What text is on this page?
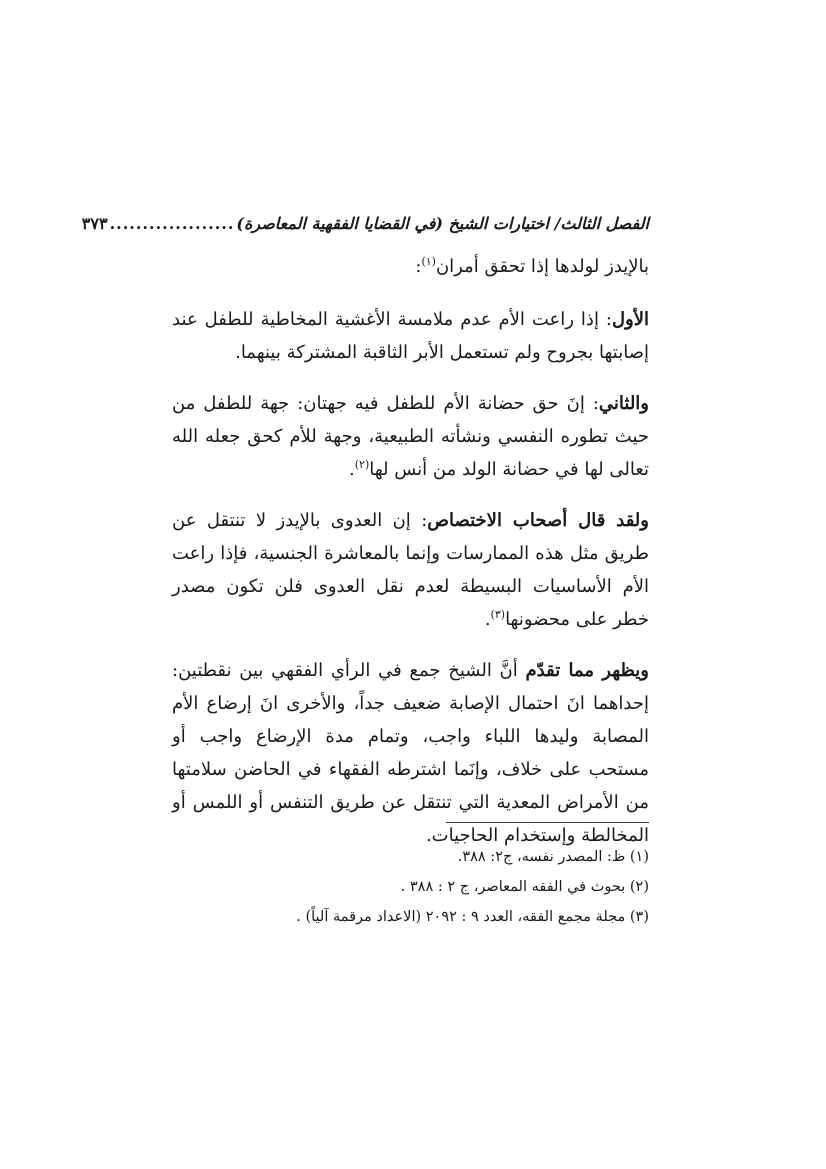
الفصل الثالث/ اختيارات الشيخ (في القضايا الفقهية المعاصرة)
...................
٣٧٣

بالإيدز لولدها إذا تحقق أمران$^{(١)}$:

الأول: إذا راعت الأم عدم ملامسة الأغشية المخاطية للطفل عند إصابتها بجروح ولم تستعمل الأبر الثاقبة المشتركة بينهما.

والثاني: إنَ حق حضانة الأم للطفل فيه جهتان: جهة للطفل من حيث تطوره النفسي ونشأته الطبيعية، وجهة للأم كحق جعله الله تعالى لها في حضانة الولد من أنس لها$^{(٢)}$.

ولقد قال أصحاب الاختصاص: إن العدوى بالإيدز لا تنتقل عن طريق مثل هذه الممارسات وإنما بالمعاشرة الجنسية، فإذا راعت الأم الأساسيات البسيطة لعدم نقل العدوى فلن تكون مصدر خطر على محضونها$^{(٣)}$.

ويظهر مما تقدّم أنَّ الشيخ جمع في الرأي الفقهي بين نقطتين: إحداهما انَ احتمال الإصابة ضعيف جداً، والأخرى انَ إرضاع الأم المصابة وليدها اللباء واجب، وتمام مدة الإرضاع واجب أو مستحب على خلاف، وإنَما اشترطه الفقهاء في الحاضن سلامتها من الأمراض المعدية التي تنتقل عن طريق التنفس أو اللمس أو المخالطة وإستخدام الحاجيات.

(١) ظ: المصدر نفسه، ج٢: ٣٨٨.
(٢) بحوث في الفقه المعاصر، ج ٢ : ٣٨٨ .
(٣) مجلة مجمع الفقه، العدد ٩ : ٢٠٩٢ (الاعداد مرقمة آلياً) .
